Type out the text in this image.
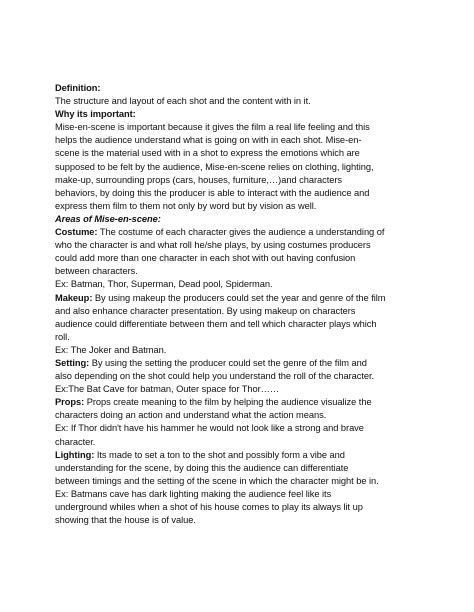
Definition:
The structure and layout of each shot and the content with in it.
Why its important:
Mise-en-scene is important because it gives the film a real life feeling and this
helps the audience understand what is going on with in each shot. Mise-en-
scene is the material used with in a shot to express the emotions which are
supposed to be felt by the audience, Mise-en-scene relies on clothing, lighting,
make-up, surrounding props (cars, houses, furniture,…)and characters
behaviors, by doing this the producer is able to interact with the audience and
express them film to them not only by word but by vision as well.
Areas of Mise-en-scene:
Costume: The costume of each character gives the audience a understanding of
who the character is and what roll he/she plays, by using costumes producers
could add more than one character in each shot with out having confusion
between characters.
Ex: Batman, Thor, Superman, Dead pool, Spiderman.
Makeup: By using makeup the producers could set the year and genre of the film
and also enhance character presentation. By using makeup on characters
audience could differentiate between them and tell which character plays which
roll.
Ex: The Joker and Batman.
Setting: By using the setting the producer could set the genre of the film and
also depending on the shot could help you understand the roll of the character.
Ex:The Bat Cave for batman, Outer space for Thor……
Props: Props create meaning to the film by helping the audience visualize the
characters doing an action and understand what the action means.
Ex: If Thor didn't have his hammer he would not look like a strong and brave
character.
Lighting: Its made to set a ton to the shot and possibly form a vibe and
understanding for the scene, by doing this the audience can differentiate
between timings and the setting of the scene in which the character might be in.
Ex: Batmans cave has dark lighting making the audience feel like its
underground whiles when a shot of his house comes to play its always lit up
showing that the house is of value.
